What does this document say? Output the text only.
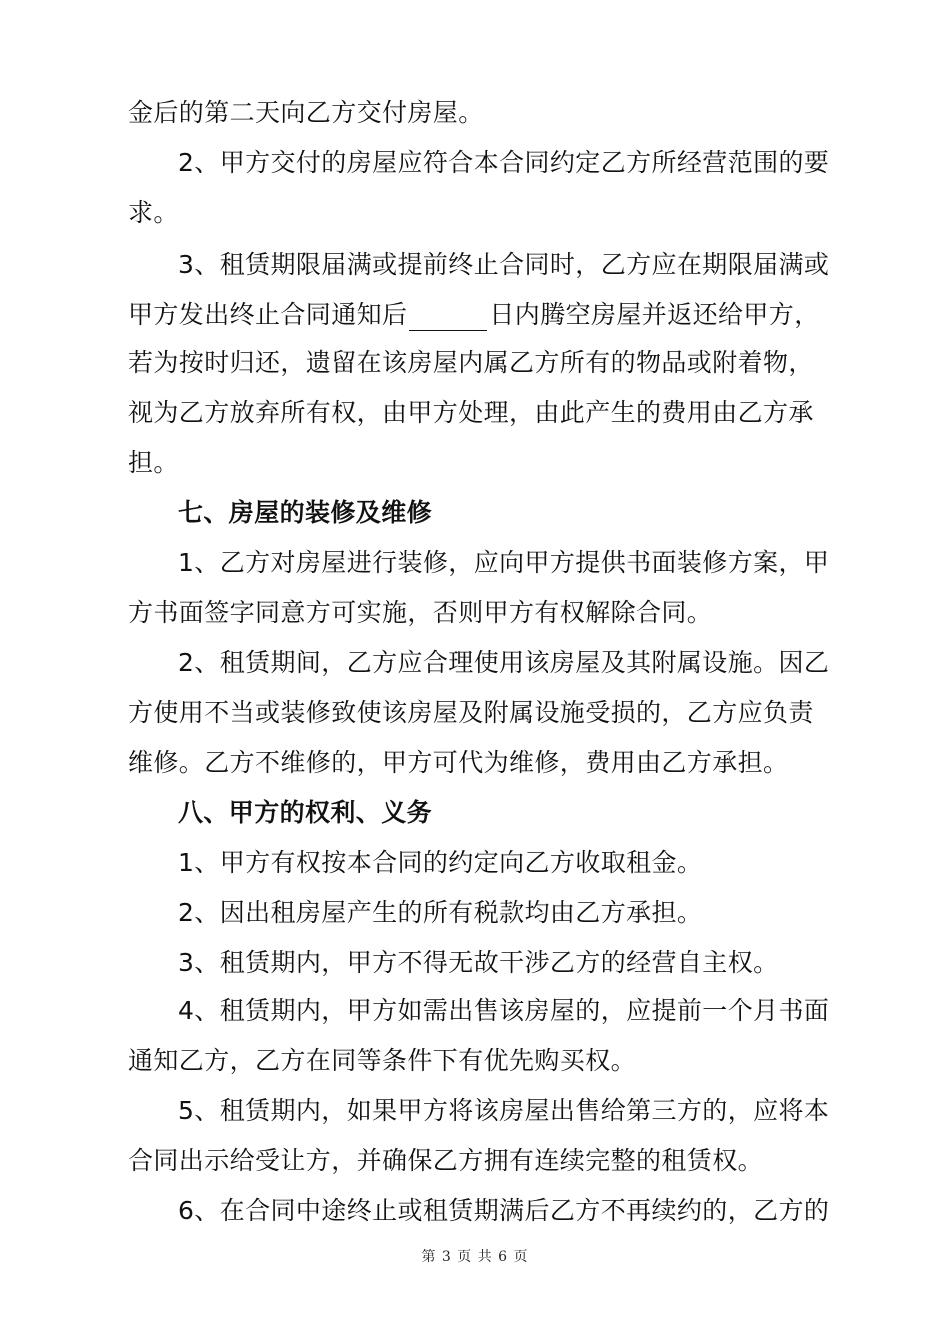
金后的第二天向乙方交付房屋。
2、甲方交付的房屋应符合本合同约定乙方所经营范围的要
求。
3、租赁期限届满或提前终止合同时，乙方应在期限届满或
甲方发出终止合同通知后	日内腾空房屋并返还给甲方，
若为按时归还，遗留在该房屋内属乙方所有的物品或附着物，
视为乙方放弃所有权，由甲方处理，由此产生的费用由乙方承
担。
七、房屋的装修及维修
1、乙方对房屋进行装修，应向甲方提供书面装修方案，甲
方书面签字同意方可实施，否则甲方有权解除合同。
2、租赁期间，乙方应合理使用该房屋及其附属设施。因乙
方使用不当或装修致使该房屋及附属设施受损的，乙方应负责
维修。乙方不维修的，甲方可代为维修，费用由乙方承担。
八、甲方的权利、义务
1、甲方有权按本合同的约定向乙方收取租金。
2、因出租房屋产生的所有税款均由乙方承担。
3、租赁期内，甲方不得无故干涉乙方的经营自主权。
4、租赁期内，甲方如需出售该房屋的，应提前一个月书面
通知乙方，乙方在同等条件下有优先购买权。
5、租赁期内，如果甲方将该房屋出售给第三方的，应将本
合同出示给受让方，并确保乙方拥有连续完整的租赁权。
6、在合同中途终止或租赁期满后乙方不再续约的，乙方的
第 3 页 共 6 页
